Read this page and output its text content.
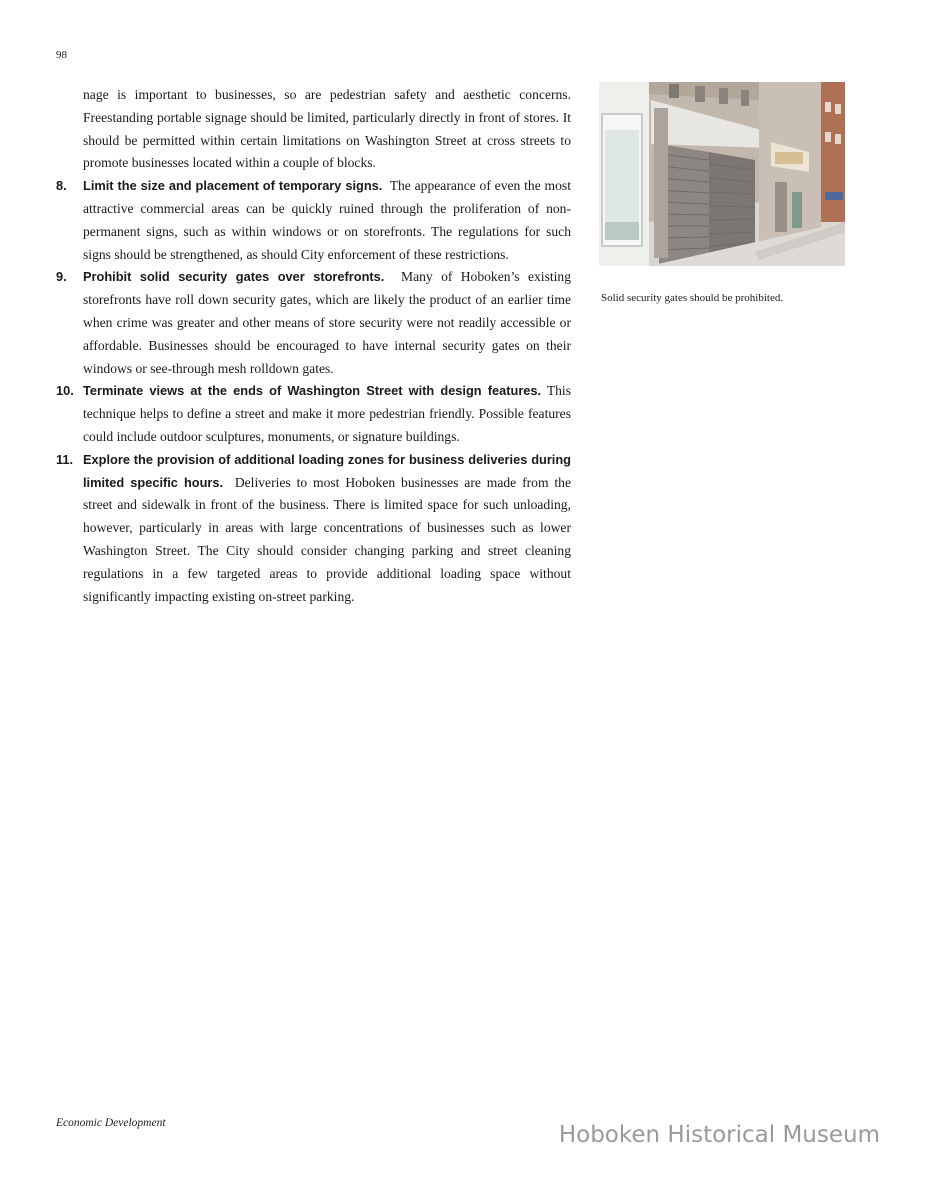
98

nage is important to businesses, so are pedestrian safety and aesthetic concerns. Freestanding portable signage should be limited, particularly directly in front of stores. It should be permitted within certain limitations on Washington Street at cross streets to promote businesses located within a couple of blocks.

8.	Limit the size and placement of temporary signs. The appearance of even the most attractive commercial areas can be quickly ruined through the proliferation of non-permanent signs, such as within windows or on storefronts. The regulations for such signs should be strengthened, as should City enforcement of these restrictions.
9.	Prohibit solid security gates over storefronts. Many of Hoboken’s existing storefronts have roll down security gates, which are likely the product of an earlier time when crime was greater and other means of store security were not readily accessible or affordable. Businesses should be encouraged to have internal security gates on their windows or see-through mesh rolldown gates.
10. Terminate views at the ends of Washington Street with design features. This technique helps to define a street and make it more pedestrian friendly. Possible features could include outdoor sculptures, monuments, or signature buildings.
11. Explore the provision of additional loading zones for business deliveries during limited specific hours. Deliveries to most Hoboken businesses are made from the street and sidewalk in front of the business. There is limited space for such unloading, however, particularly in areas with large concentrations of businesses such as lower Washington Street. The City should consider changing parking and street cleaning regulations in a few targeted areas to provide additional loading space without significantly impacting existing on-street parking.
Solid security gates should be prohibited.
Economic Development	Hoboken Historical Museum
